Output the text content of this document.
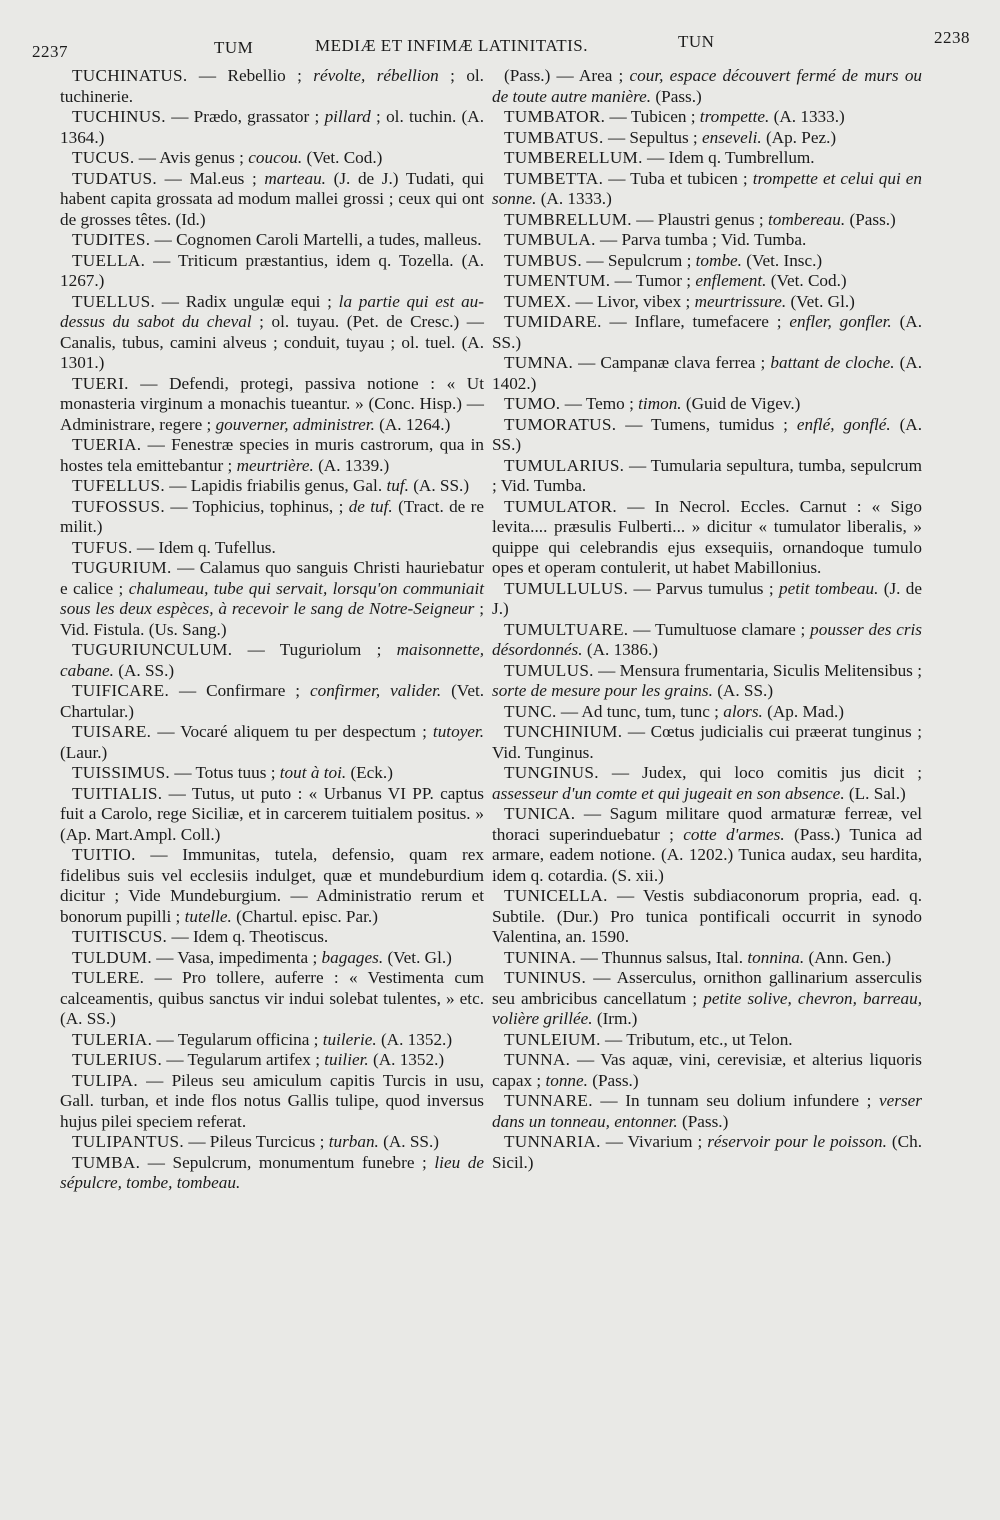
2237	TUM	MEDIÆ ET INFIMÆ LATINITATIS.	TUN	2238

TUCHINATUS. — Rebellio ; révolte, rébellion ; ol. tuchinerie.

TUCHINUS. — Prædo, grassator ; pillard ; ol. tuchin. (A. 1364.)

TUCUS. — Avis genus ; coucou. (Vet. Cod.)

TUDATUS. — Mal.eus ; marteau. (J. de J.) Tudati, qui habent capita grossata ad modum mallei grossi ; ceux qui ont de grosses têtes. (Id.)

TUDITES. — Cognomen Caroli Martelli, a tudes, malleus.

TUELLA. — Triticum præstantius, idem q. Tozella. (A. 1267.)

TUELLUS. — Radix ungulæ equi ; la partie qui est au-dessus du sabot du cheval ; ol. tuyau. (Pet. de Cresc.) — Canalis, tubus, camini alveus ; conduit, tuyau ; ol. tuel. (A. 1301.)

TUERI. — Defendi, protegi, passiva notione : « Ut monasteria virginum a monachis tueantur. » (Conc. Hisp.) — Administrare, regere ; gouverner, administrer. (A. 1264.)

TUERIA. — Fenestræ species in muris castrorum, qua in hostes tela emittebantur ; meurtrière. (A. 1339.)

TUFELLUS. — Lapidis friabilis genus, Gal. tuf. (A. SS.)

TUFOSSUS. — Tophicius, tophinus, ; de tuf. (Tract. de re milit.)

TUFUS. — Idem q. Tufellus.

TUGURIUM. — Calamus quo sanguis Christi hauriebatur e calice ; chalumeau, tube qui servait, lorsqu'on communiait sous les deux espèces, à recevoir le sang de Notre-Seigneur ; Vid. Fistula. (Us. Sang.)

TUGURIUNCULUM. — Tuguriolum ; maisonnette, cabane. (A. SS.)

TUIFICARE. — Confirmare ; confirmer, valider. (Vet. Chartular.)

TUISARE. — Vocaré aliquem tu per despectum ; tutoyer. (Laur.)

TUISSIMUS. — Totus tuus ; tout à toi. (Eck.)

TUITIALIS. — Tutus, ut puto : « Urbanus VI PP. captus fuit a Carolo, rege Siciliæ, et in carcerem tuitialem positus. » (Ap. Mart.Ampl. Coll.)

TUITIO. — Immunitas, tutela, defensio, quam rex fidelibus suis vel ecclesiis indulget, quæ et mundeburdium dicitur ; Vide Mundeburgium. — Administratio rerum et bonorum pupilli ; tutelle. (Chartul. episc. Par.)

TUITISCUS. — Idem q. Theotiscus.

TULDUM. — Vasa, impedimenta ; bagages. (Vet. Gl.)

TULERE. — Pro tollere, auferre : « Vestimenta cum calceamentis, quibus sanctus vir indui solebat tulentes, » etc. (A. SS.)

TULERIA. — Tegularum officina ; tuilerie. (A. 1352.)

TULERIUS. — Tegularum artifex ; tuilier. (A. 1352.)

TULIPA. — Pileus seu amiculum capitis Turcis in usu, Gall. turban, et inde flos notus Gallis tulipe, quod inversus hujus pilei speciem referat.

TULIPANTUS. — Pileus Turcicus ; turban. (A. SS.)

TUMBA. — Sepulcrum, monumentum funebre ; lieu de sépulcre, tombe, tombeau.

(Pass.) — Area ; cour, espace découvert fermé de murs ou de toute autre manière. (Pass.)

TUMBATOR. — Tubicen ; trompette. (A. 1333.)

TUMBATUS. — Sepultus ; enseveli. (Ap. Pez.)

TUMBERELLUM. — Idem q. Tumbrellum.

TUMBETTA. — Tuba et tubicen ; trompette et celui qui en sonne. (A. 1333.)

TUMBRELLUM. — Plaustri genus ; tombereau. (Pass.)

TUMBULA. — Parva tumba ; Vid. Tumba.

TUMBUS. — Sepulcrum ; tombe. (Vet. Insc.)

TUMENTUM. — Tumor ; enflement. (Vet. Cod.)

TUMEX. — Livor, vibex ; meurtrissure. (Vet. Gl.)

TUMIDARE. — Inflare, tumefacere ; enfler, gonfler. (A. SS.)

TUMNA. — Campanæ clava ferrea ; battant de cloche. (A. 1402.)

TUMO. — Temo ; timon. (Guid de Vigev.)

TUMORATUS. — Tumens, tumidus ; enflé, gonflé. (A. SS.)

TUMULARIUS. — Tumularia sepultura, tumba, sepulcrum ; Vid. Tumba.

TUMULATOR. — In Necrol. Eccles. Carnut : « Sigo levita.... præsulis Fulberti... » dicitur « tumulator liberalis, » quippe qui celebrandis ejus exsequiis, ornandoque tumulo opes et operam contulerit, ut habet Mabillonius.

TUMULLULUS. — Parvus tumulus ; petit tombeau. (J. de J.)

TUMULTUARE. — Tumultuose clamare ; pousser des cris désordonnés. (A. 1386.)

TUMULUS. — Mensura frumentaria, Siculis Melitensibus ; sorte de mesure pour les grains. (A. SS.)

TUNC. — Ad tunc, tum, tunc ; alors. (Ap. Mad.)

TUNCHINIUM. — Cœtus judicialis cui præerat tunginus ; Vid. Tunginus.

TUNGINUS. — Judex, qui loco comitis jus dicit ; assesseur d'un comte et qui jugeait en son absence. (L. Sal.)

TUNICA. — Sagum militare quod armaturæ ferreæ, vel thoraci superinduebatur ; cotte d'armes. (Pass.) Tunica ad armare, eadem notione. (A. 1202.) Tunica audax, seu hardita, idem q. cotardia. (S. xii.)

TUNICELLA. — Vestis subdiaconorum propria, ead. q. Subtile. (Dur.) Pro tunica pontificali occurrit in synodo Valentina, an. 1590.

TUNINA. — Thunnus salsus, Ital. tonnina. (Ann. Gen.)

TUNINUS. — Asserculus, ornithon gallinarium asserculis seu ambricibus cancellatum ; petite solive, chevron, barreau, volière grillée. (Irm.)

TUNLEIUM. — Tributum, etc., ut Telon.

TUNNA. — Vas aquæ, vini, cerevisiæ, et alterius liquoris capax ; tonne. (Pass.)

TUNNARE. — In tunnam seu dolium infundere ; verser dans un tonneau, entonner. (Pass.)

TUNNARIA. — Vivarium ; réservoir pour le poisson. (Ch. Sicil.)
